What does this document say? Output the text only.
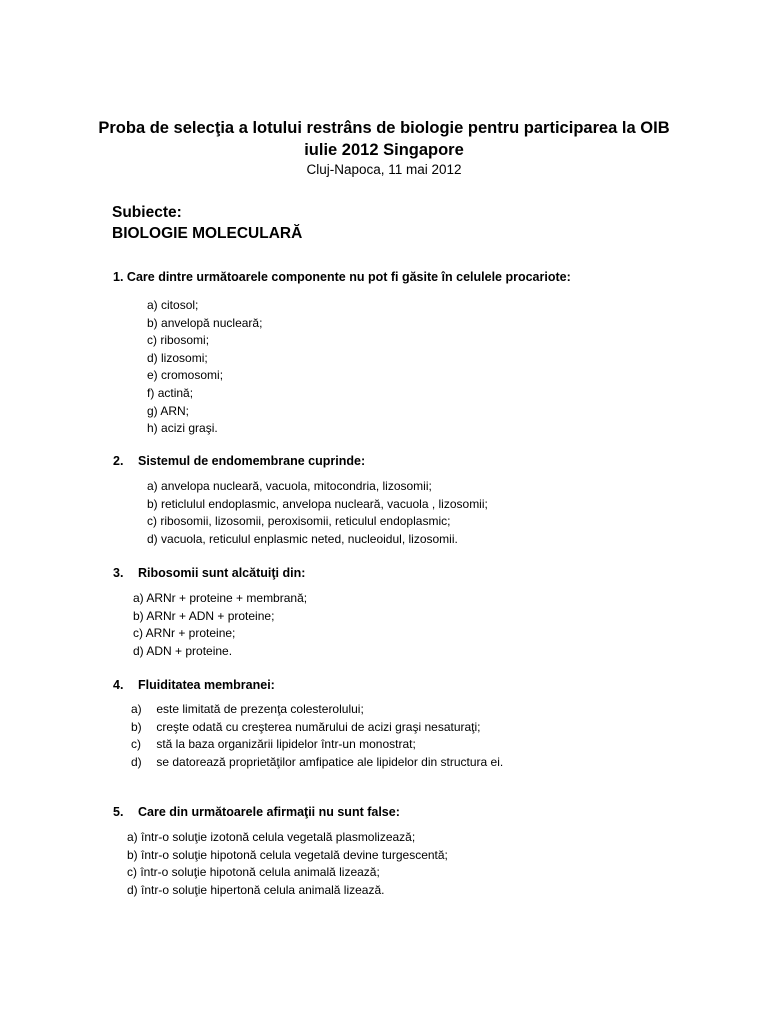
Proba de selecţia a lotului restrâns de biologie pentru participarea la OIB
iulie 2012 Singapore
Cluj-Napoca, 11 mai 2012
Subiecte:
BIOLOGIE MOLECULARĂ
1. Care dintre următoarele componente nu pot fi găsite în celulele procariote:
a) citosol;
b) anvelopă nucleară;
c) ribosomi;
d) lizosomi;
e) cromosomi;
f) actină;
g) ARN;
h) acizi graşi.
2. Sistemul de endomembrane cuprinde:
a) anvelopa nucleară, vacuola, mitocondria, lizosomii;
b) reticlulul endoplasmic, anvelopa nucleară, vacuola , lizosomii;
c) ribosomii, lizosomii, peroxisomii, reticulul endoplasmic;
d) vacuola, reticulul enplasmic neted, nucleoidul, lizosomii.
3. Ribosomii sunt alcătuiţi din:
a) ARNr + proteine + membrană;
b) ARNr + ADN + proteine;
c) ARNr + proteine;
d) ADN + proteine.
4. Fluiditatea membranei:
a) este limitată de prezenţa colesterolului;
b) creşte odată cu creşterea numărului de acizi graşi nesaturaţi;
c) stă la baza organizării lipidelor într-un monostrat;
d) se datorează proprietăţilor amfipatice ale lipidelor din structura ei.
5. Care din următoarele afirmaţii nu sunt false:
a) într-o soluţie izotonă celula vegetală plasmolizează;
b) într-o soluţie hipotonă celula vegetală devine turgescentă;
c) într-o soluţie hipotonă celula animală lizează;
d) într-o soluţie hipertonă celula animală lizează.
